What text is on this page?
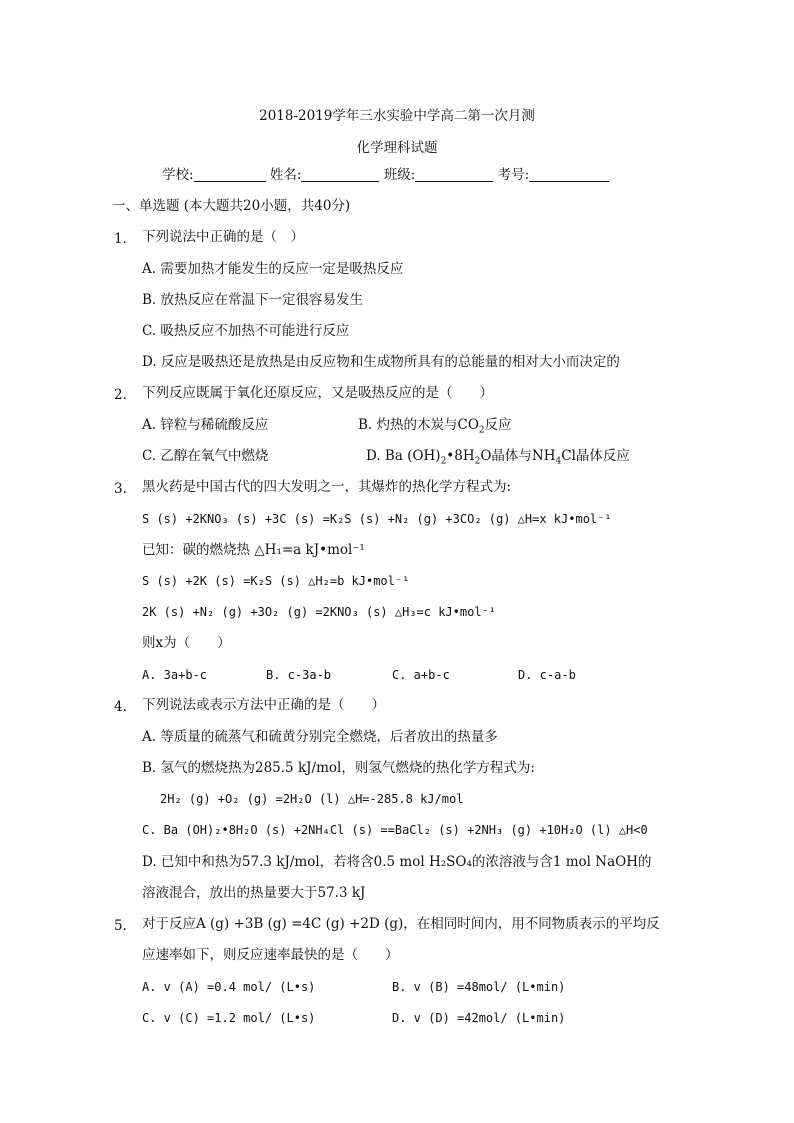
2018-2019学年三水实验中学高二第一次月测
化学理科试题
学校:	姓名:	班级:	考号:
一、单选题 (本大题共20小题，共40分)
1. 下列说法中正确的是（　）
A. 需要加热才能发生的反应一定是吸热反应
B. 放热反应在常温下一定很容易发生
C. 吸热反应不加热不可能进行反应
D. 反应是吸热还是放热是由反应物和生成物所具有的总能量的相对大小而决定的
2. 下列反应既属于氧化还原反应，又是吸热反应的是（　　）
A. 锌粒与稀硫酸反应	B. 灼热的木炭与$CO_2$反应
C. 乙醇在氧气中燃烧	D. Ba $(OH)_2•8H_2O$晶体与$NH_4Cl$晶体反应
3. 黑火药是中国古代的四大发明之一，其爆炸的热化学方程式为:
S (s) +2KNO₃ (s) +3C (s) =K₂S (s) +N₂ (g) +3CO₂ (g) △H=x kJ•mol⁻¹
已知：碳的燃烧热 △H₁=a kJ•mol⁻¹
S (s) +2K (s) =K₂S (s) △H₂=b kJ•mol⁻¹
2K (s) +N₂ (g) +3O₂ (g) =2KNO₃ (s) △H₃=c kJ•mol⁻¹
则x为（　　）
A. 3a+b-c	B. c-3a-b	C. a+b-c	D. c-a-b
4. 下列说法或表示方法中正确的是（　　）
A. 等质量的硫蒸气和硫黄分别完全燃烧，后者放出的热量多
B. 氢气的燃烧热为285.5 kJ/mol，则氢气燃烧的热化学方程式为:
2H₂ (g) +O₂ (g) =2H₂O (l) △H=-285.8 kJ/mol
C. Ba (OH)₂•8H₂O (s) +2NH₄Cl (s) ==BaCl₂ (s) +2NH₃ (g) +10H₂O (l) △H<0
D. 已知中和热为57.3 kJ/mol，若将含0.5 mol H₂SO₄的浓溶液与含1 mol NaOH的
溶液混合，放出的热量要大于57.3 kJ
5. 对于反应A (g) +3B (g) =4C (g) +2D (g)，在相同时间内，用不同物质表示的平均反
应速率如下，则反应速率最快的是（　　）
A. v (A) =0.4 mol/ (L•s)	B. v (B) =48mol/ (L•min)
C. v (C) =1.2 mol/ (L•s)	D. v (D) =42mol/ (L•min)
